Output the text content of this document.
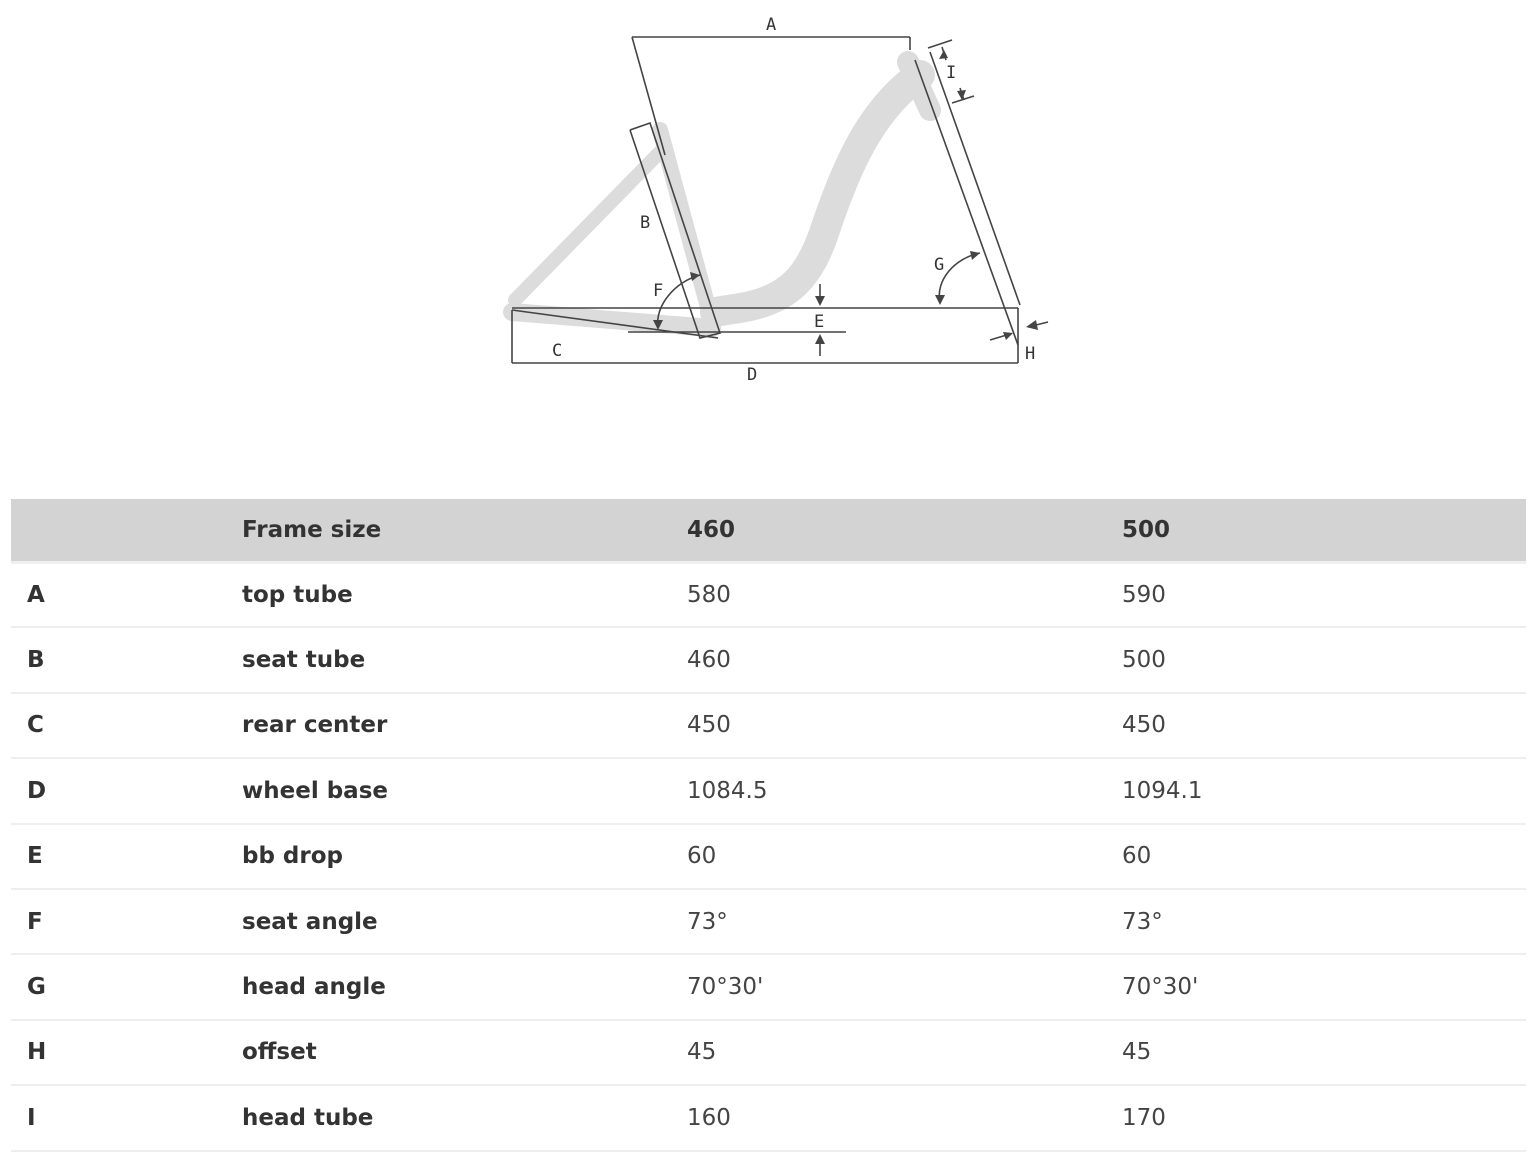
A
B
C
D
E
F
G
H
I
	Frame size	460	500
A	top tube	580	590
B	seat tube	460	500
C	rear center	450	450
D	wheel base	1084.5	1094.1
E	bb drop	60	60
F	seat angle	73°	73°
G	head angle	70°30'	70°30'
H	offset	45	45
I	head tube	160	170
